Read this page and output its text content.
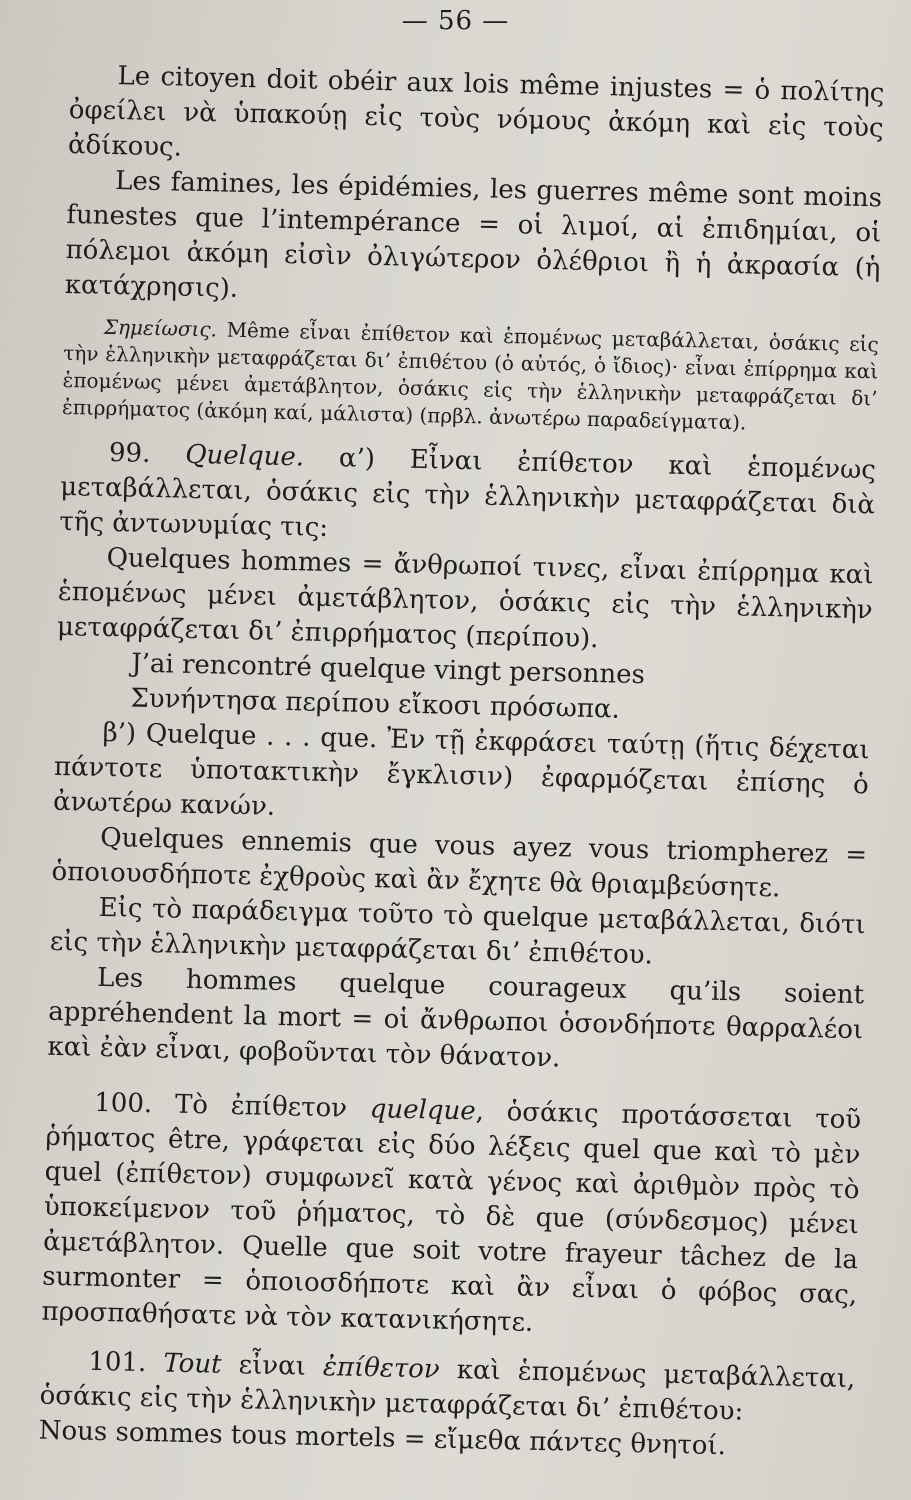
— 56 —

Le citoyen doit obéir aux lois même injustes = ὁ πολίτης ὀφείλει νὰ ὑπακούῃ εἰς τοὺς νόμους ἀκόμη καὶ εἰς τοὺς ἀδίκους.

Les famines, les épidémies, les guerres même sont moins funestes que l’intempérance = οἱ λιμοί, αἱ ἐπιδημίαι, οἱ πόλεμοι ἀκόμη εἰσὶν ὀλιγώτερον ὀλέθριοι ἢ ἡ ἀκρασία (ἡ κατάχρησις).

Σημείωσις. Même εἶναι ἐπίθετον καὶ ἑπομένως μεταβάλλεται, ὁσάκις εἰς τὴν ἑλληνικὴν μεταφράζεται δι’ ἐπιθέτου (ὁ αὐτός, ὁ ἴδιος)· εἶναι ἐπίρρημα καὶ ἑπομένως μένει ἀμετάβλητον, ὁσάκις εἰς τὴν ἑλληνικὴν μεταφράζεται δι’ ἐπιρρήματος (ἀκόμη καί, μάλιστα) (πρβλ. ἀνωτέρω παραδείγματα).

99. Quelque. α’) Εἶναι ἐπίθετον καὶ ἑπομένως μεταβάλλεται, ὁσάκις εἰς τὴν ἑλληνικὴν μεταφράζεται διὰ τῆς ἀντωνυμίας τις:

Quelques hommes = ἄνθρωποί τινες, εἶναι ἐπίρρημα καὶ ἑπομένως μένει ἀμετάβλητον, ὁσάκις εἰς τὴν ἑλληνικὴν μεταφράζεται δι’ ἐπιρρήματος (περίπου).

J’ai rencontré quelque vingt personnes

Συνήντησα περίπου εἴκοσι πρόσωπα.

β’) Quelque . . . que. Ἐν τῇ ἐκφράσει ταύτῃ (ἥτις δέχεται πάντοτε ὑποτακτικὴν ἔγκλισιν) ἐφαρμόζεται ἐπίσης ὁ ἀνωτέρω κανών.

Quelques ennemis que vous ayez vous triompherez = ὁποιουσδήποτε ἐχθροὺς καὶ ἂν ἔχητε θὰ θριαμβεύσητε.

Εἰς τὸ παράδειγμα τοῦτο τὸ quelque μεταβάλλεται, διότι εἰς τὴν ἑλληνικὴν μεταφράζεται δι’ ἐπιθέτου.

Les hommes quelque courageux qu’ils soient appréhendent la mort = οἱ ἄνθρωποι ὁσονδήποτε θαρραλέοι καὶ ἐὰν εἶναι, φοβοῦνται τὸν θάνατον.

100. Τὸ ἐπίθετον quelque, ὁσάκις προτάσσεται τοῦ ῥήματος être, γράφεται εἰς δύο λέξεις quel que καὶ τὸ μὲν quel (ἐπίθετον) συμφωνεῖ κατὰ γένος καὶ ἀριθμὸν πρὸς τὸ ὑποκείμενον τοῦ ῥήματος, τὸ δὲ que (σύνδεσμος) μένει ἀμετάβλητον. Quelle que soit votre frayeur tâchez de la surmonter = ὁποιοσδήποτε καὶ ἂν εἶναι ὁ φόβος σας, προσπαθήσατε νὰ τὸν κατανικήσητε.

101. Tout εἶναι ἐπίθετον καὶ ἑπομένως μεταβάλλεται, ὁσάκις εἰς τὴν ἑλληνικὴν μεταφράζεται δι’ ἐπιθέτου:

Nous sommes tous mortels = εἴμεθα πάντες θνητοί.
